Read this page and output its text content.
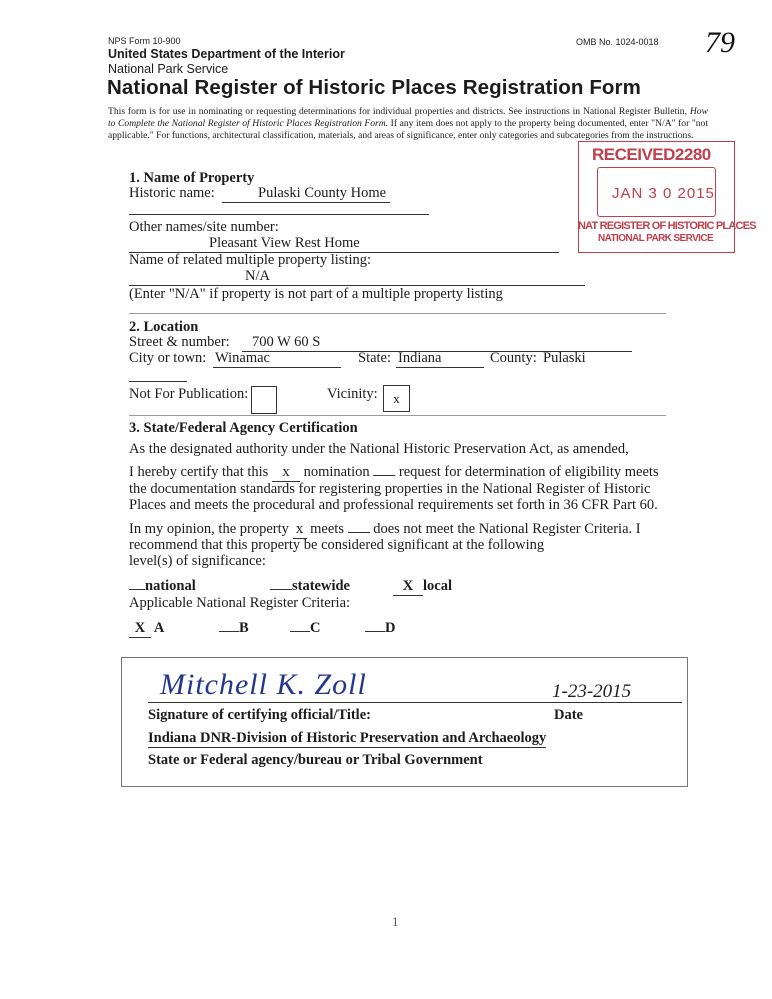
NPS Form 10-900	OMB No. 1024-0018 79
United States Department of the Interior
National Park Service
National Register of Historic Places Registration Form
This form is for use in nominating or requesting determinations for individual properties and districts. See instructions in National Register Bulletin, How to Complete the National Register of Historic Places Registration Form. If any item does not apply to the property being documented, enter "N/A" for "not applicable." For functions, architectural classification, materials, and areas of significance, enter only categories and subcategories from the instructions.
RECEIVED2280
JAN 3 0 2015
NAT REGISTER OF HISTORIC PLACES
NATIONAL PARK SERVICE
1. Name of Property
Historic name:	Pulaski County Home
Other names/site number:
Pleasant View Rest Home
Name of related multiple property listing:
N/A
(Enter "N/A" if property is not part of a multiple property listing
2. Location
Street & number:	700 W 60 S
City or town: Winamac	State: Indiana	County: Pulaski
Not For Publication:	Vicinity:	x
3. State/Federal Agency Certification
As the designated authority under the National Historic Preservation Act, as amended,
I hereby certify that this x nomination request for determination of eligibility meets
the documentation standards for registering properties in the National Register of Historic
Places and meets the procedural and professional requirements set forth in 36 CFR Part 60.
In my opinion, the property x meets does not meet the National Register Criteria. I
recommend that this property be considered significant at the following
level(s) of significance:
national	statewide	X local
Applicable National Register Criteria:
X A	B	C	D
Mitchell K. Zoll	1-23-2015
Signature of certifying official/Title:	Date
Indiana DNR-Division of Historic Preservation and Archaeology
State or Federal agency/bureau or Tribal Government
1
